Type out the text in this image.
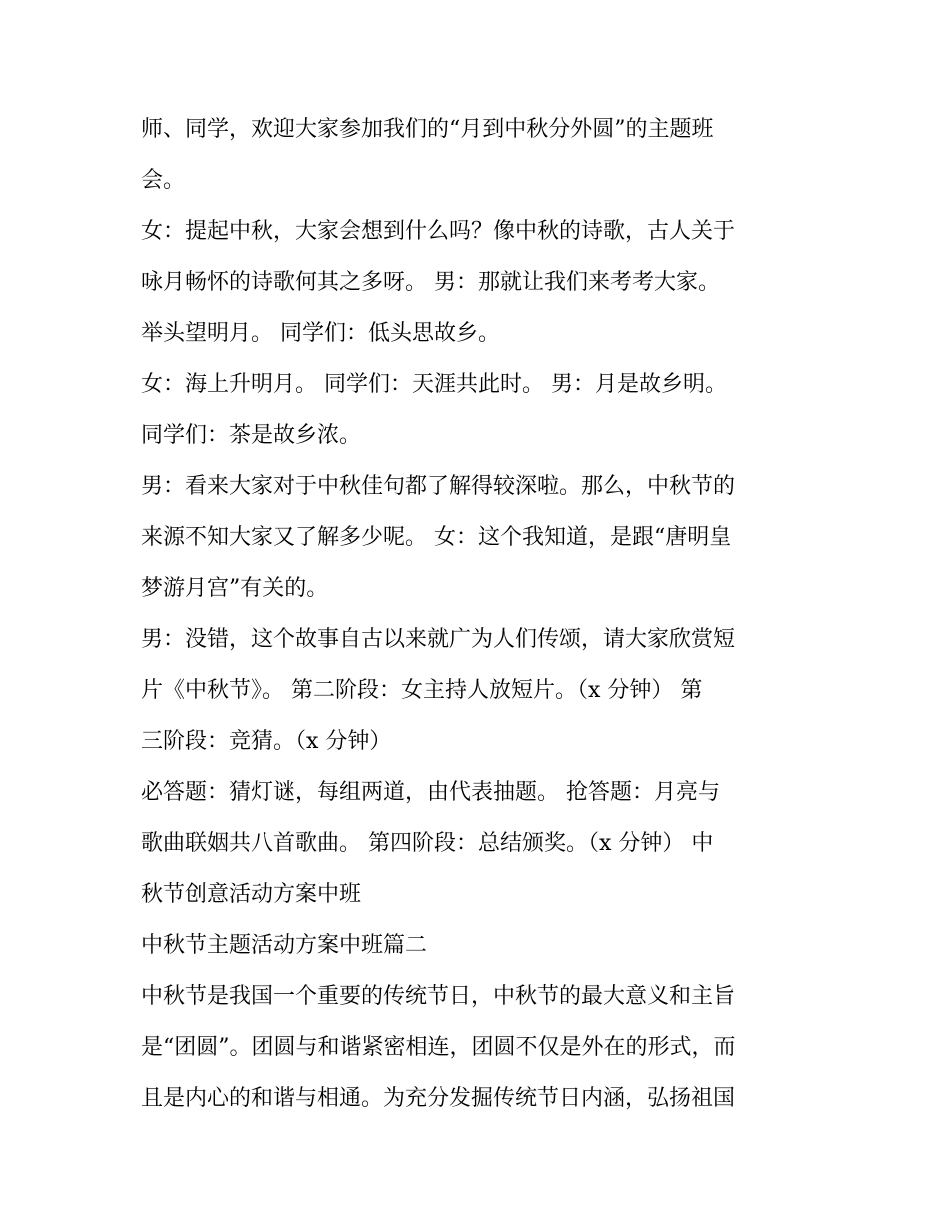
师、同学，欢迎大家参加我们的“月到中秋分外圆”的主题班
会。
女：提起中秋，大家会想到什么吗？像中秋的诗歌，古人关于
咏月畅怀的诗歌何其之多呀。 男：那就让我们来考考大家。
举头望明月。 同学们：低头思故乡。
女：海上升明月。 同学们：天涯共此时。 男：月是故乡明。
同学们：茶是故乡浓。
男：看来大家对于中秋佳句都了解得较深啦。那么，中秋节的
来源不知大家又了解多少呢。 女：这个我知道，是跟“唐明皇
梦游月宫”有关的。
男：没错，这个故事自古以来就广为人们传颂，请大家欣赏短
片《中秋节》。 第二阶段：女主持人放短片。（x 分钟） 第
三阶段：竞猜。（x 分钟）
必答题：猜灯谜，每组两道，由代表抽题。 抢答题：月亮与
歌曲联姻共八首歌曲。 第四阶段：总结颁奖。（x 分钟） 中
秋节创意活动方案中班
中秋节主题活动方案中班篇二
中秋节是我国一个重要的传统节日，中秋节的最大意义和主旨
是“团圆”。团圆与和谐紧密相连，团圆不仅是外在的形式，而
且是内心的和谐与相通。为充分发掘传统节日内涵，弘扬祖国
